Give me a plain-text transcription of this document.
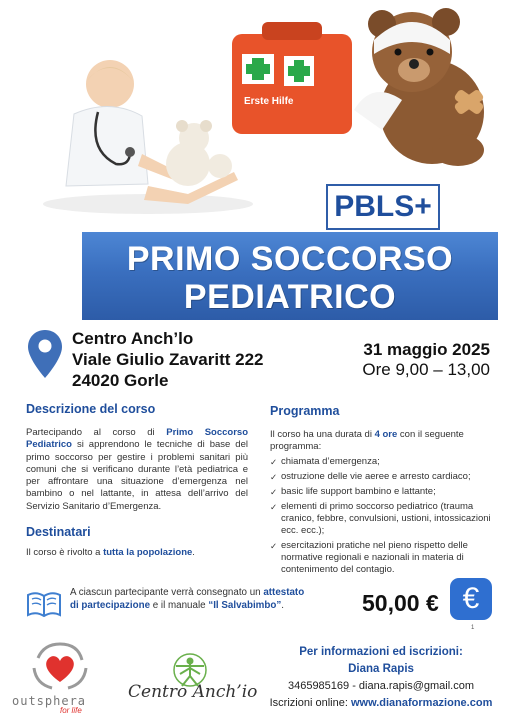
Erste Hilfe
PBLS+
PRIMO SOCCORSO
PEDIATRICO
Centro Anch’lo
Viale Giulio Zavaritt 222
24020 Gorle
31 maggio 2025
Ore 9,00 – 13,00
Descrizione del corso

Partecipando al corso di Primo Soccorso Pediatrico si apprendono le tecniche di base del primo soccorso per gestire i problemi sanitari più comuni che si verificano durante l’età pediatrica e per affrontare una situazione d’emergenza nel bambino o nel lattante, in attesa dell’arrivo del Servizio Sanitario d’Emergenza.

Destinatari

Il corso è rivolto a tutta la popolazione.

Programma

Il corso ha una durata di 4 ore con il seguente programma:

✓ chiamata d’emergenza;
✓ ostruzione delle vie aeree e arresto cardiaco;
✓ basic life support bambino e lattante;
✓ elementi di primo soccorso pediatrico (trauma cranico, febbre, convulsioni, ustioni, intossicazioni ecc. ecc.);
✓ esercitazioni pratiche nel pieno rispetto delle normative regionali e nazionali in materia di contenimento del contagio.
A ciascun partecipante verrà consegnato un attestato di partecipazione e il manuale “Il Salvabimbo”.	50,00 € €
1
outsphera
for life
Centro Anch’io
Per informazioni ed iscrizioni:
Diana Rapis
3465985169 - diana.rapis@gmail.com
Iscrizioni online: www.dianaformazione.com
